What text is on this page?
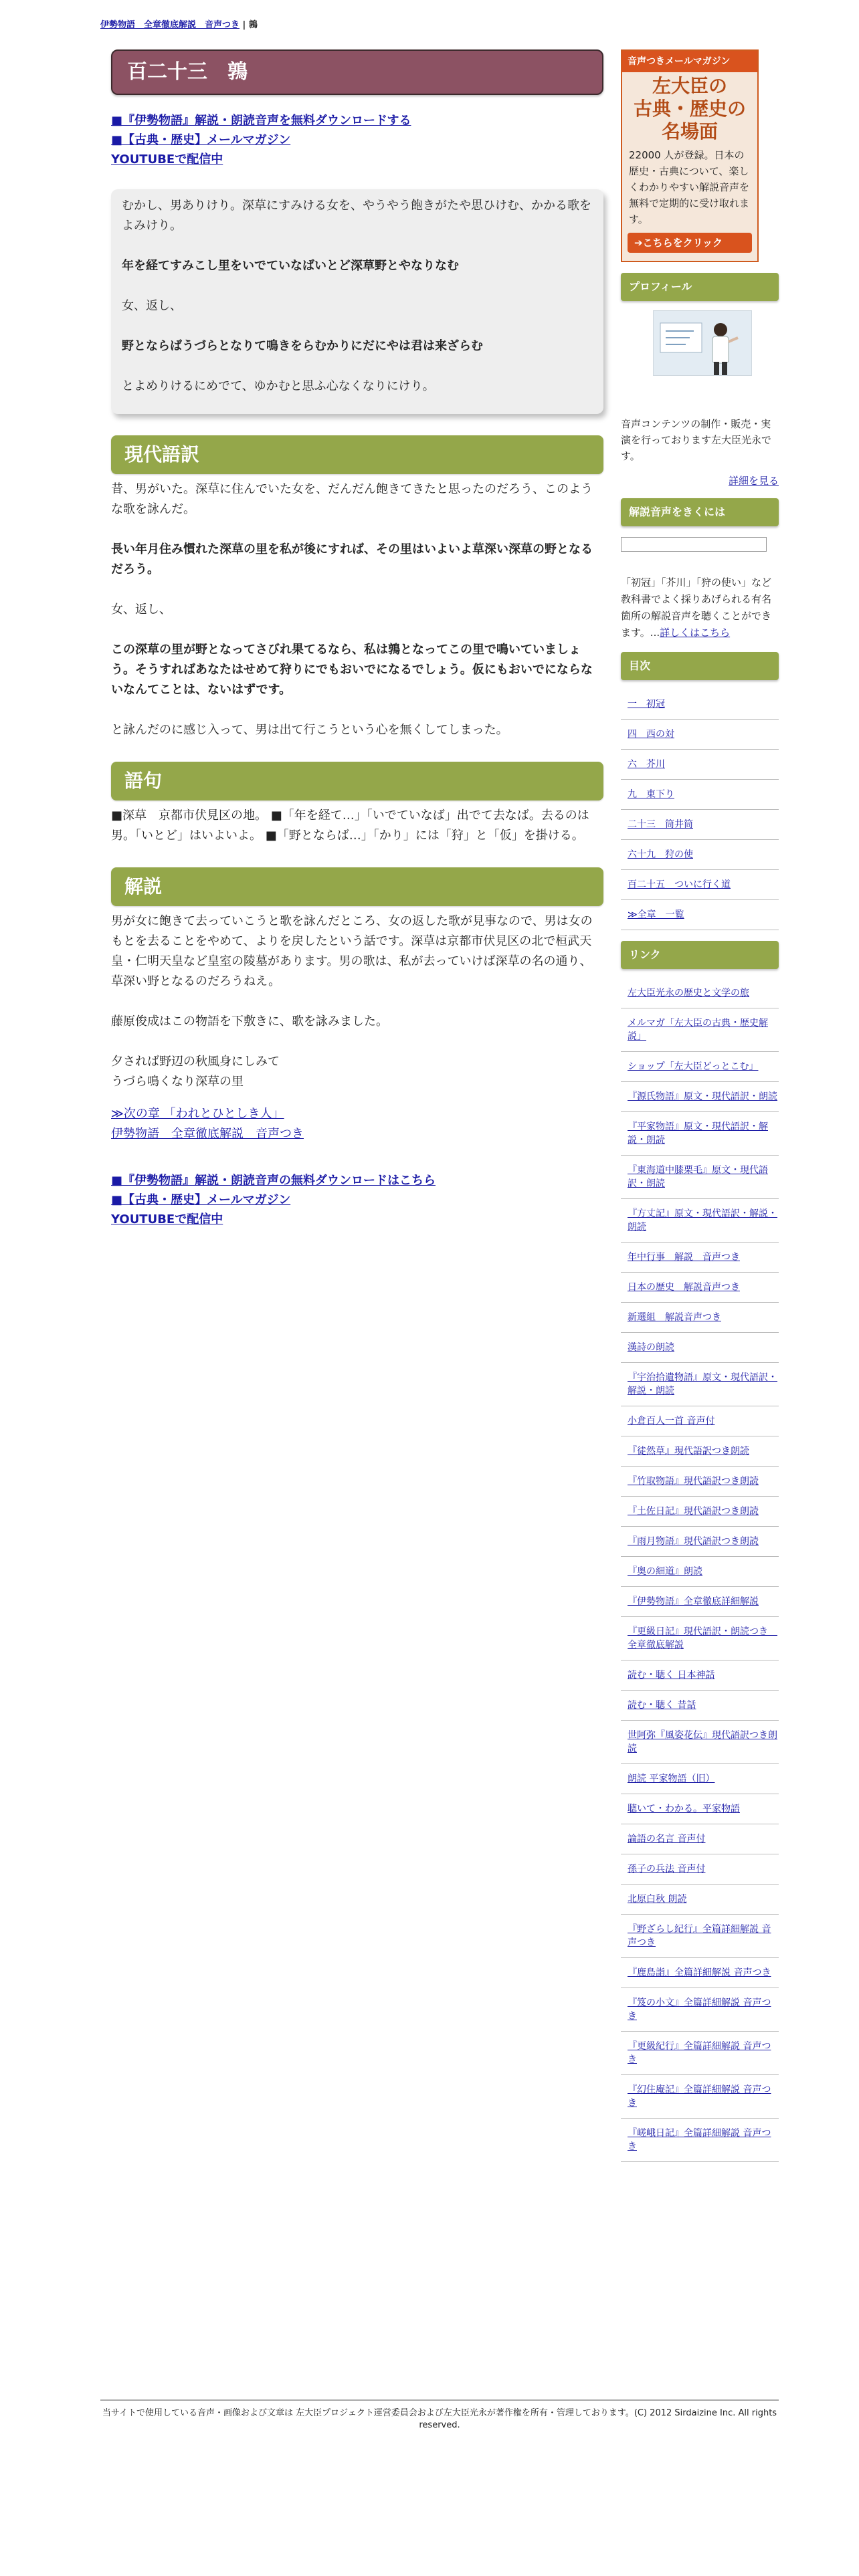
伊勢物語　全章徹底解説　音声つき | 鶉
百二十三　鶉
■『伊勢物語』解説・朗読音声を無料ダウンロードする
■【古典・歴史】メールマガジン
YOUTUBEで配信中

むかし、男ありけり。深草にすみける女を、やうやう飽きがたや思ひけむ、かかる歌をよみけり。

年を経てすみこし里をいでていなばいとど深草野とやなりなむ

女、返し、

野とならばうづらとなりて鳴きをらむかりにだにやは君は来ざらむ

とよめりけるにめでて、ゆかむと思ふ心なくなりにけり。

現代語訳

昔、男がいた。深草に住んでいた女を、だんだん飽きてきたと思ったのだろう、このような歌を詠んだ。

長い年月住み慣れた深草の里を私が後にすれば、その里はいよいよ草深い深草の野となるだろう。

女、返し、

この深草の里が野となってさびれ果てるなら、私は鶉となってこの里で鳴いていましょう。そうすればあなたはせめて狩りにでもおいでになるでしょう。仮にもおいでにならないなんてことは、ないはずです。

と詠んだのに感じ入って、男は出て行こうという心を無くしてしまった。

語句

■深草　京都市伏見区の地。 ■「年を経て…」「いでていなば」出でて去なば。去るのは男。「いとど」はいよいよ。 ■「野とならば…」「かり」には「狩」と「仮」を掛ける。

解説

男が女に飽きて去っていこうと歌を詠んだところ、女の返した歌が見事なので、男は女のもとを去ることをやめて、よりを戻したという話です。深草は京都市伏見区の北で桓武天皇・仁明天皇など皇室の陵墓があります。男の歌は、私が去っていけば深草の名の通り、草深い野となるのだろうねえ。

藤原俊成はこの物語を下敷きに、歌を詠みました。

夕されば野辺の秋風身にしみて

うづら鳴くなり深草の里

≫次の章 「われとひとしき人」
伊勢物語　全章徹底解説　音声つき
■『伊勢物語』解説・朗読音声の無料ダウンロードはこちら
■【古典・歴史】メールマガジン
YOUTUBEで配信中
音声つきメールマガジン
左大臣の
古典・歴史の
名場面
22000 人が登録。日本の歴史・古典について、楽しくわかりやすい解説音声を無料で定期的に受け取れます。
➔こちらをクリック
プロフィール
音声コンテンツの制作・販売・実演を行っております左大臣光永です。
詳細を見る
解説音声をきくには
「初冠」「芥川」「狩の使い」など教科書でよく採りあげられる有名箇所の解説音声を聴くことができます。...詳しくはこちら
目次
一　初冠
四　西の対
六　芥川
九　東下り
二十三　筒井筒
六十九　狩の使
百二十五　ついに行く道
≫全章　一覧
リンク
左大臣光永の歴史と文学の旅
メルマガ「左大臣の古典・歴史解説」
ショップ「左大臣どっとこむ」
『源氏物語』原文・現代語訳・朗読
『平家物語』原文・現代語訳・解説・朗読
『東海道中膝栗毛』原文・現代語訳・朗読
『方丈記』原文・現代語訳・解説・朗読
年中行事　解説　音声つき
日本の歴史　解説音声つき
新選組　解説音声つき
漢詩の朗読
『宇治拾遺物語』原文・現代語訳・解説・朗読
小倉百人一首 音声付
『徒然草』現代語訳つき朗読
『竹取物語』現代語訳つき朗読
『土佐日記』現代語訳つき朗読
『雨月物語』現代語訳つき朗読
『奥の細道』朗読
『伊勢物語』全章徹底詳細解説
『更級日記』現代語訳・朗読つき　全章徹底解説
読む・聴く 日本神話
読む・聴く 昔話
世阿弥『風姿花伝』現代語訳つき朗読
朗読 平家物語（旧）
聴いて・わかる。平家物語
論語の名言 音声付
孫子の兵法 音声付
北原白秋 朗読
『野ざらし紀行』全篇詳細解説 音声つき
『鹿島詣』全篇詳細解説 音声つき
『笈の小文』全篇詳細解説 音声つき
『更級紀行』全篇詳細解説 音声つき
『幻住庵記』全篇詳細解説 音声つき
『嵯峨日記』全篇詳細解説 音声つき
当サイトで使用している音声・画像および文章は 左大臣プロジェクト運営委員会および左大臣光永が著作権を所有・管理しております。(C) 2012 Sirdaizine Inc. All rights reserved.
